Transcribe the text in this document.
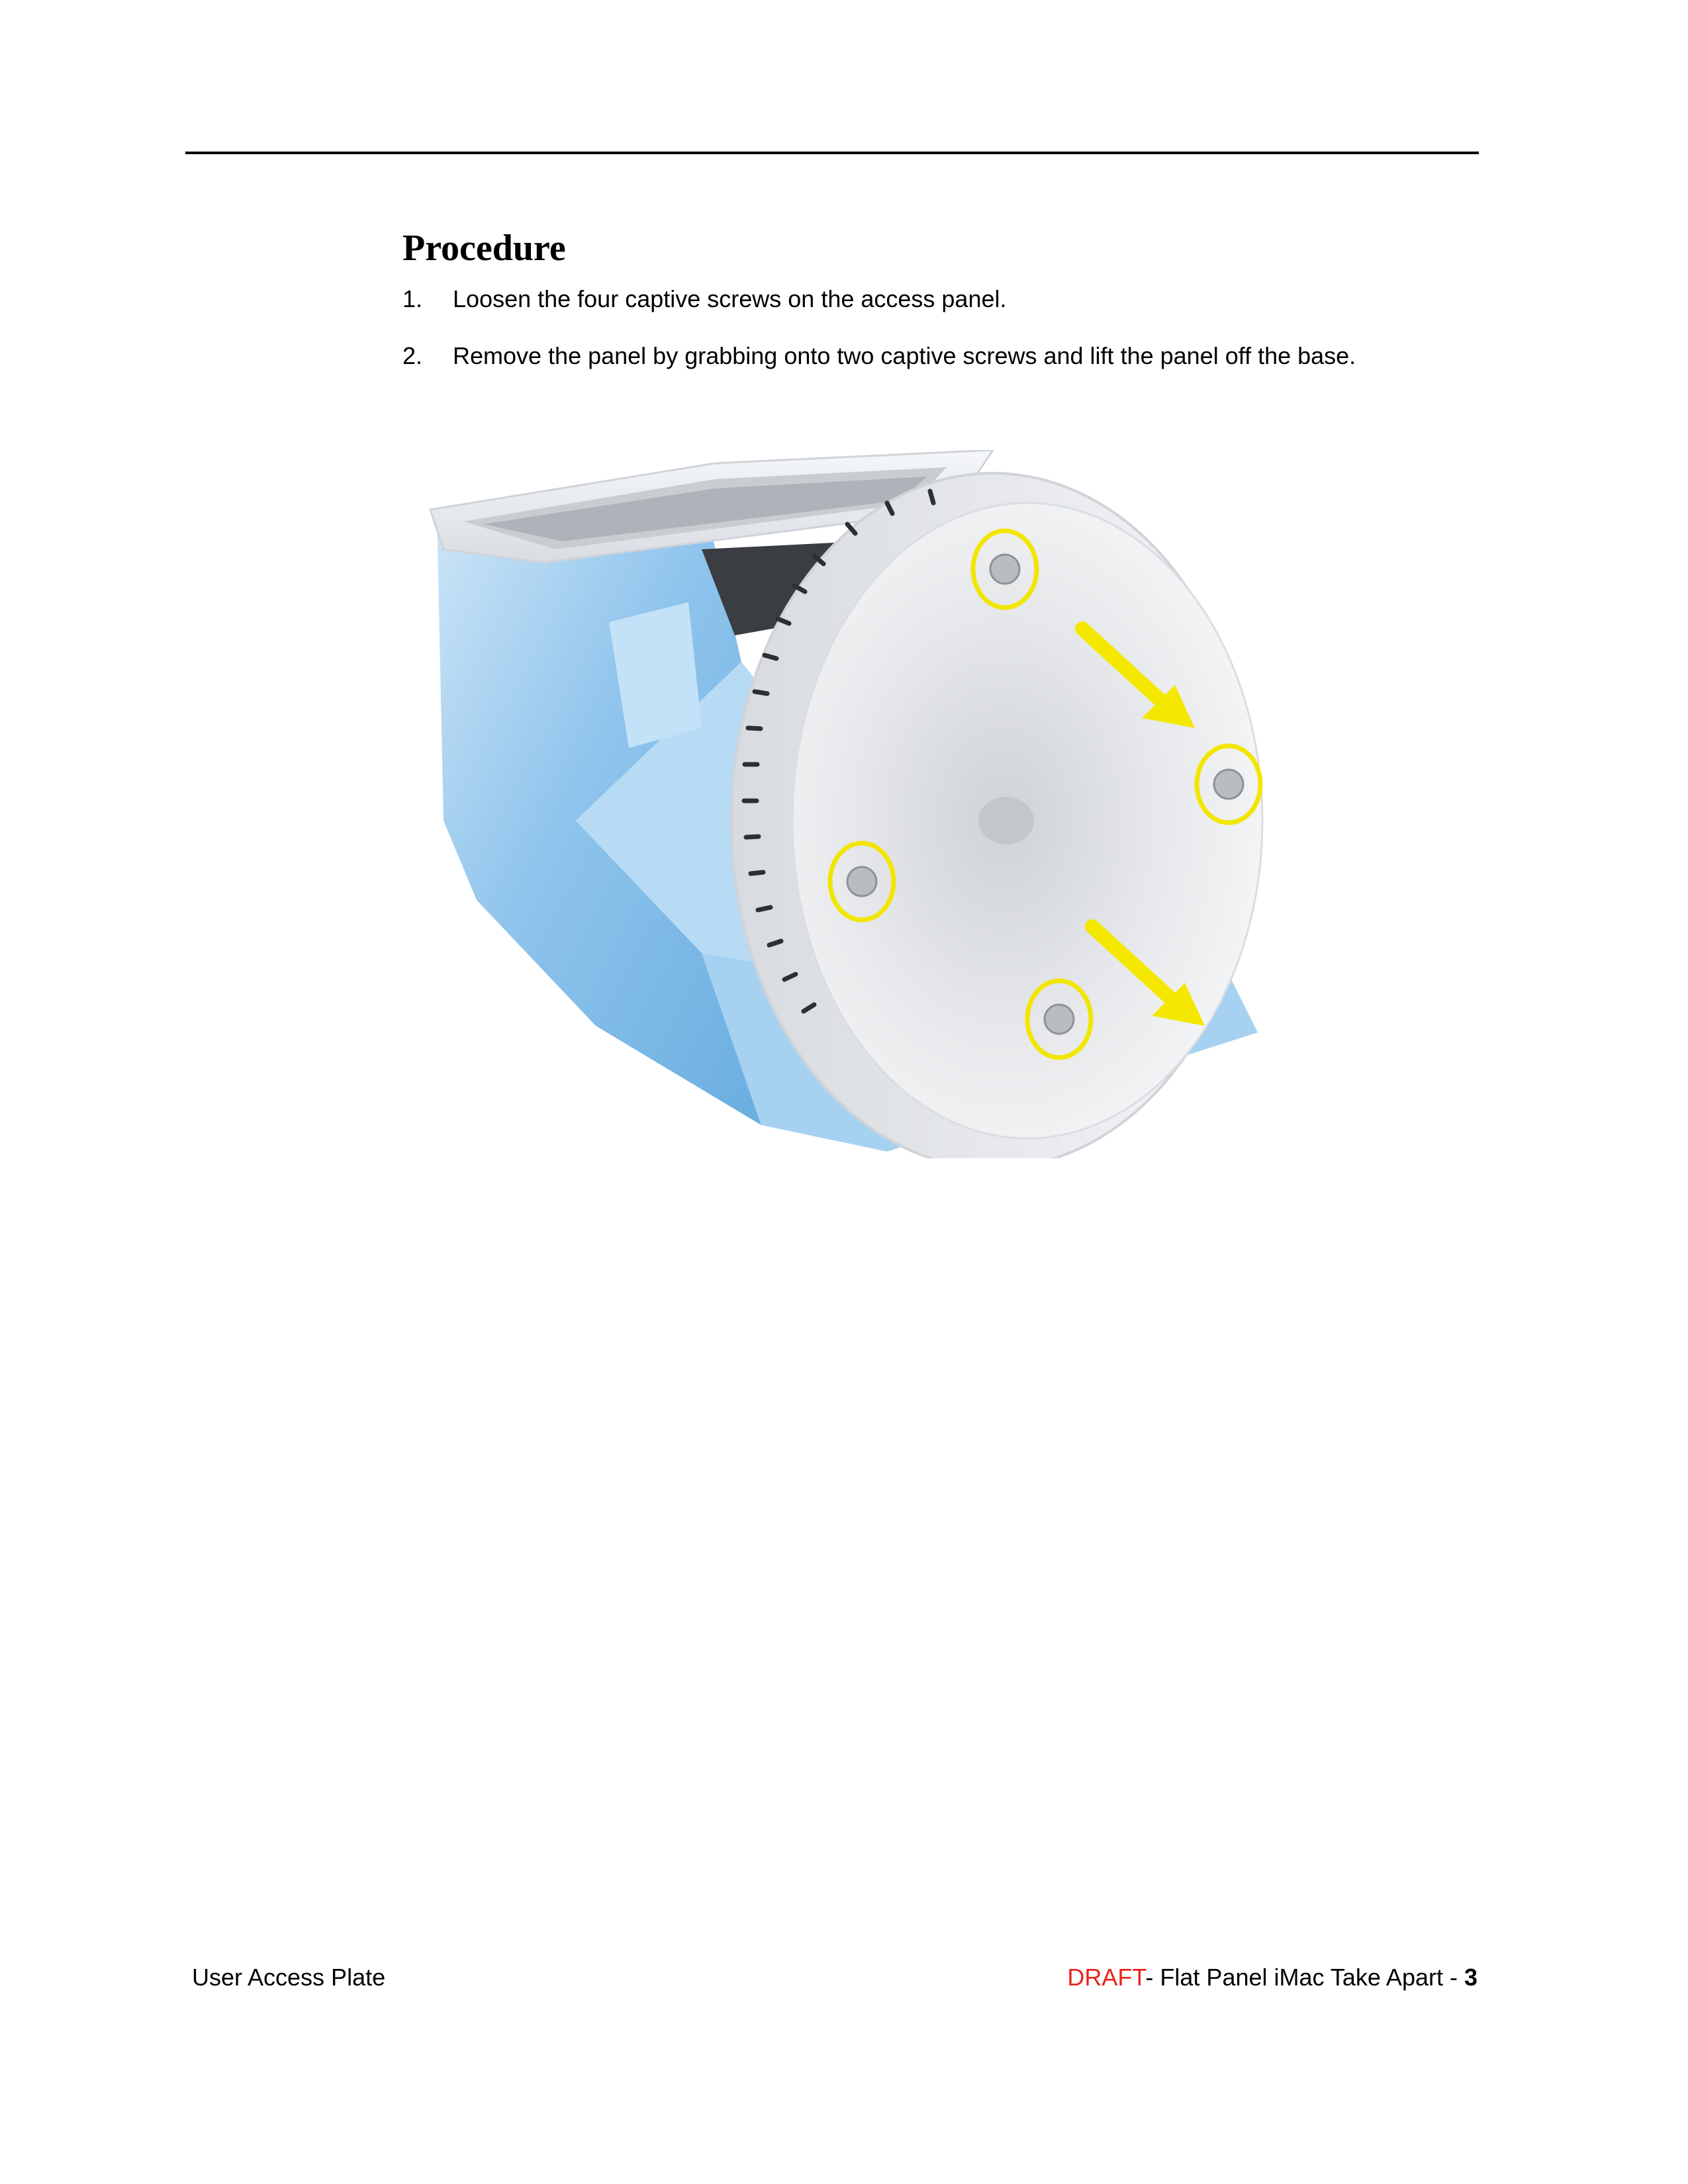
Procedure
1.	Loosen the four captive screws on the access panel.
2.	Remove the panel by grabbing onto two captive screws and lift the panel off the base.
User Access Plate	DRAFT- Flat Panel iMac Take Apart - 3
